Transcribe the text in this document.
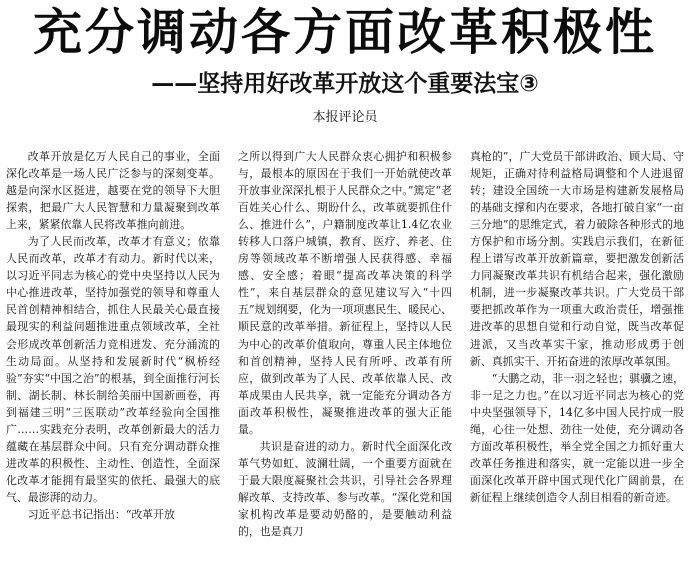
充分调动各方面改革积极性
——坚持用好改革开放这个重要法宝③
本报评论员

改革开放是亿万人民自己的事业，全面深化改革是一场人民广泛参与的深刻变革。越是向深水区挺进，越要在党的领导下大胆探索，把最广大人民智慧和力量凝聚到改革上来，紧紧依靠人民将改革推向前进。

为了人民而改革，改革才有意义；依靠人民而改革，改革才有动力。新时代以来，以习近平同志为核心的党中央坚持以人民为中心推进改革，坚持加强党的领导和尊重人民首创精神相结合，抓住人民最关心最直接最现实的利益问题推进重点领域改革，全社会形成改革创新活力竞相迸发、充分涌流的生动局面。从坚持和发展新时代“枫桥经验”夯实“中国之治”的根基，到全面推行河长制、湖长制、林长制给美丽中国新画卷，再到福建三明“三医联动”改革经验向全国推广……实践充分表明，改革创新最大的活力蕴藏在基层群众中间。只有充分调动群众推进改革的积极性、主动性、创造性，全面深化改革才能拥有最坚实的依托、最强大的底气、最澎湃的动力。

习近平总书记指出：“改革开放

之所以得到广大人民群众衷心拥护和积极参与，最根本的原因在于我们一开始就使改革开放事业深深扎根于人民群众之中。”篤定“老百姓关心什么、期盼什么，改革就要抓住什么、推进什么”，户籍制度改革让1.4亿农业转移人口落户城镇，教育、医疗、养老、住房等领域改革不断增强人民获得感、幸福感、安全感；着眼“提高改革决策的科学性”，来自基层群众的意见建议写入“十四五”规划纲要，化为一项项惠民生、暖民心、顺民意的改革举措。新征程上，坚持以人民为中心的改革价值取向，尊重人民主体地位和首创精神，坚持人民有所呼、改革有所应，做到改革为了人民、改革依靠人民、改革成果由人民共享，就一定能充分调动各方面改革积极性，凝聚推进改革的强大正能量。

共识是奋进的动力。新时代全面深化改革气势如虹、波澜壮阔，一个重要方面就在于最大限度凝聚社会共识，引导社会各界理解改革、支持改革、参与改革。“深化党和国家机构改革是要动奶酪的，是要触动利益的，也是真刀

真枪的”，广大党员干部讲政治、顾大局、守规矩，正确对待利益格局调整和个人进退留转；建设全国统一大市场是构建新发展格局的基础支撑和内在要求，各地打破自家“一亩三分地”的思维定式，着力破除各种形式的地方保护和市场分割。实践启示我们，在新征程上谱写改革开放新篇章，要把激发创新活力同凝聚改革共识有机结合起来，强化激励机制，进一步凝聚改革共识。广大党员干部要把抓改革作为一项重大政治责任，增强推进改革的思想自觉和行动自觉，既当改革促进派，又当改革实干家，推动形成勇于创新、真抓实干、开拓奋进的浓厚改革氛围。

“大鹏之动，非一羽之轻也；骐骥之速，非一足之力也。”在以习近平同志为核心的党中央坚强领导下，14亿多中国人民拧成一股绳，心往一处想、劲往一处使，充分调动各方面改革积极性，举全党全国之力抓好重大改革任务推进和落实，就一定能以进一步全面深化改革开辟中国式现代化广阔前景，在新征程上继续创造令人刮目相看的新奇迹。
